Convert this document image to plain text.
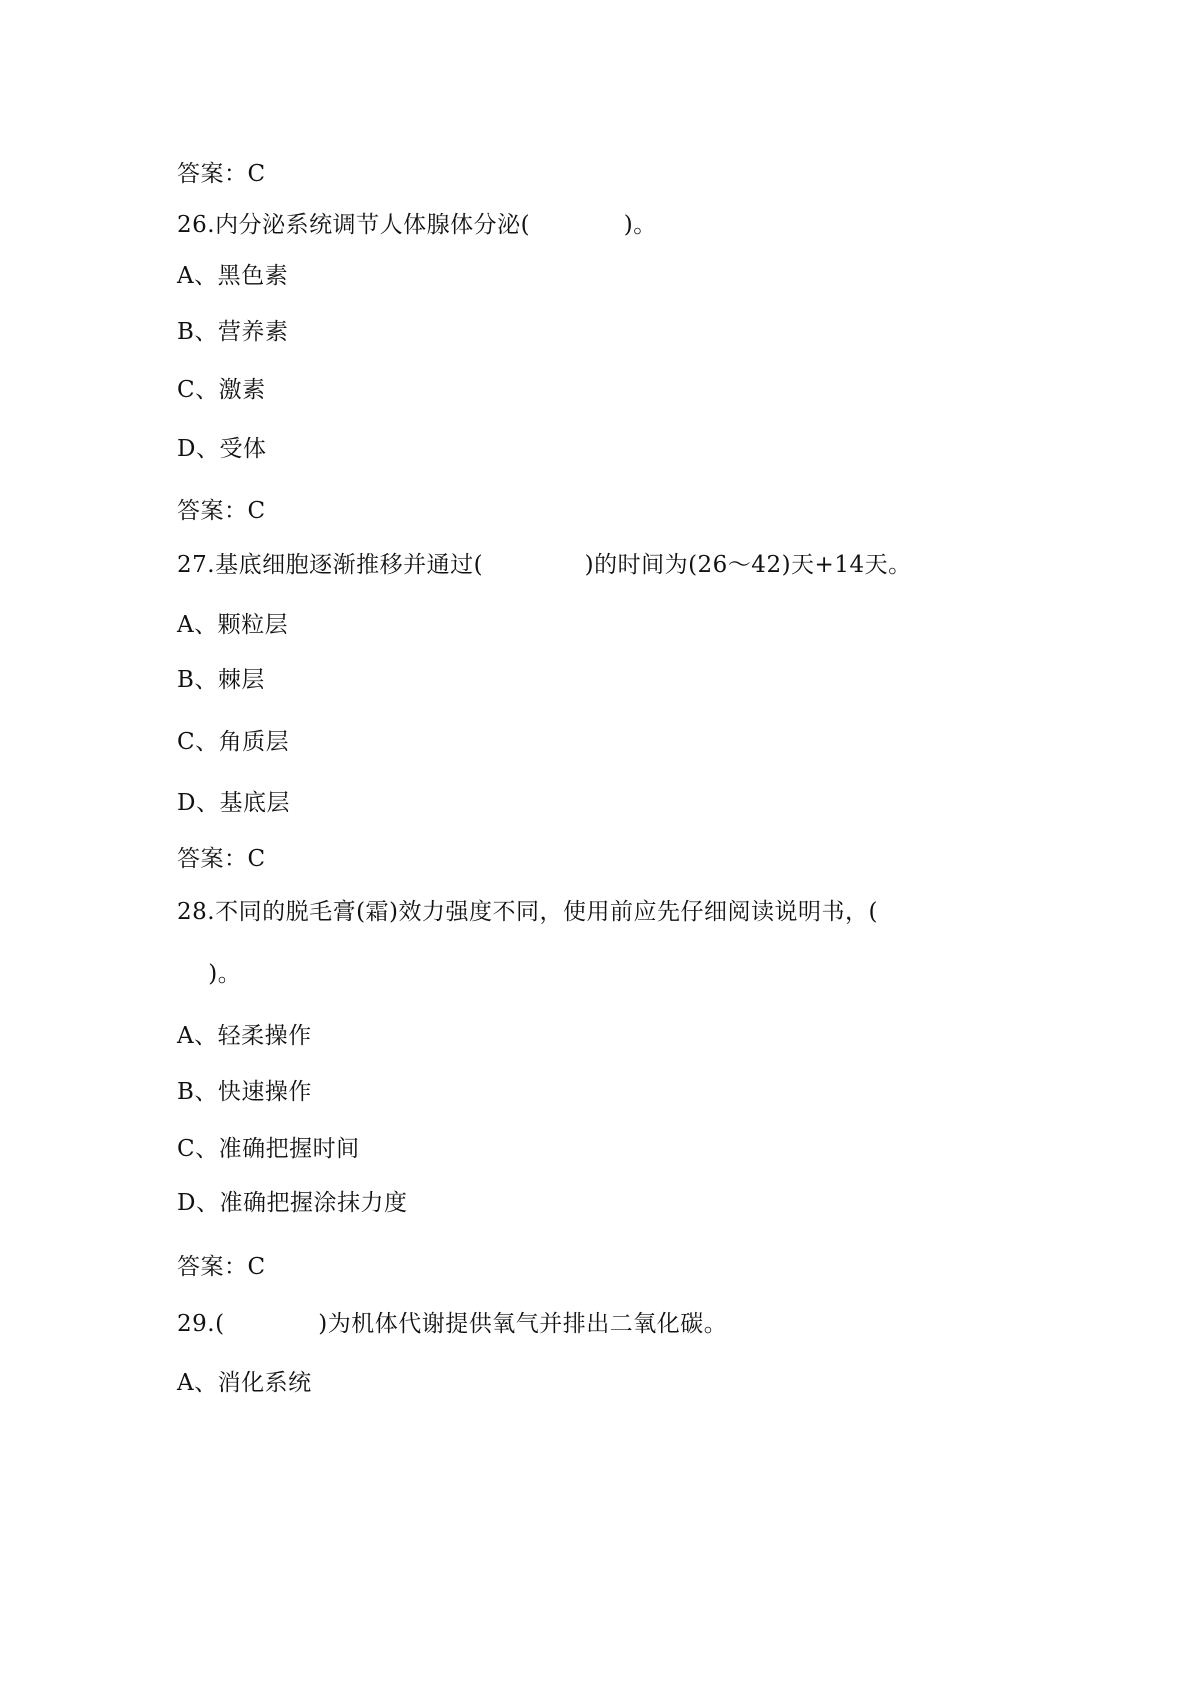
答案：C
26.内分泌系统调节人体腺体分泌(            )。
A、黑色素
B、营养素
C、激素
D、受体
答案：C
27.基底细胞逐渐推移并通过(             )的时间为(26～42)天+14天。
A、颗粒层
B、棘层
C、角质层
D、基底层
答案：C
28.不同的脱毛膏(霜)效力强度不同，使用前应先仔细阅读说明书，(
)。
A、轻柔操作
B、快速操作
C、准确把握时间
D、准确把握涂抹力度
答案：C
29.(            )为机体代谢提供氧气并排出二氧化碳。
A、消化系统
